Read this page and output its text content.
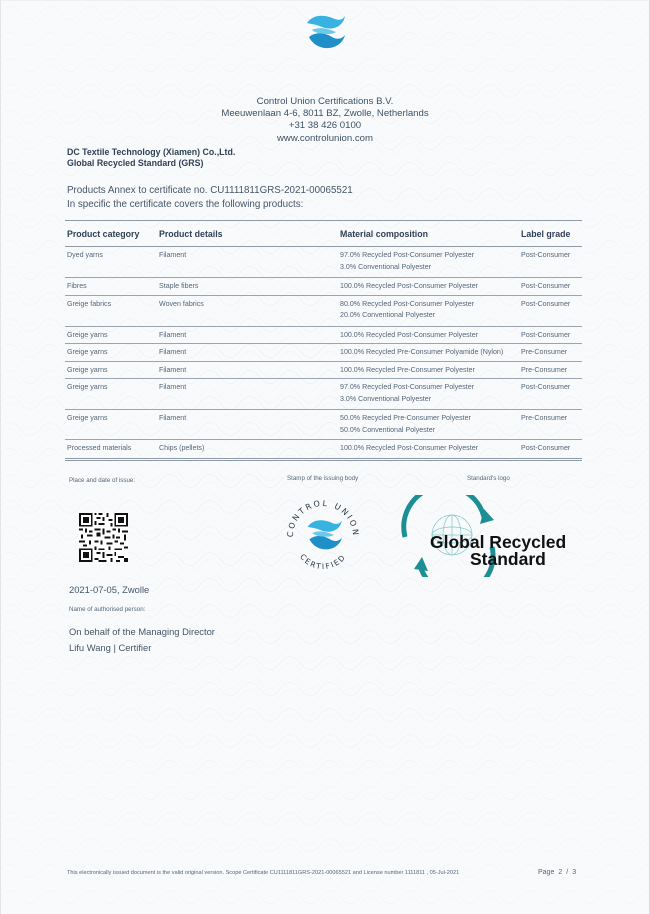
Control Union Certifications B.V.
Meeuwenlaan 4-6, 8011 BZ, Zwolle, Netherlands
+31 38 426 0100
www.controlunion.com
DC Textile Technology (Xiamen) Co.,Ltd.
Global Recycled Standard (GRS)
Products Annex to certificate no. CU1111811GRS-2021-00065521
In specific the certificate covers the following products:
Product category	Product details	Material composition	Label grade
Dyed yarns	Filament	97.0% Recycled Post-Consumer Polyester
3.0% Conventional Polyester	Post-Consumer
Fibres	Staple fibers	100.0% Recycled Post-Consumer Polyester	Post-Consumer
Greige fabrics	Woven fabrics	80.0% Recycled Post-Consumer Polyester
20.0% Conventional Polyester	Post-Consumer
Greige yarns	Filament	100.0% Recycled Post-Consumer Polyester	Post-Consumer
Greige yarns	Filament	100.0% Recycled Pre-Consumer Polyamide (Nylon)	Pre-Consumer
Greige yarns	Filament	100.0% Recycled Pre-Consumer Polyester	Pre-Consumer
Greige yarns	Filament	97.0% Recycled Post-Consumer Polyester
3.0% Conventional Polyester	Post-Consumer
Greige yarns	Filament	50.0% Recycled Pre-Consumer Polyester
50.0% Conventional Polyester	Pre-Consumer
Processed materials	Chips (pellets)	100.0% Recycled Post-Consumer Polyester	Post-Consumer
Place and date of issue:	Stamp of the issuing body	Standard's logo
CONTROL UNION
CERTIFIED
Global Recycled
Standard
2021-07-05, Zwolle
Name of authorised person:
On behalf of the Managing Director
Lifu Wang | Certifier
This electronically issued document is the valid original version. Scope Certificate CU1111811GRS-2021-00065521 and License number 1111811 , 05-Jul-2021	Page 2 / 3
